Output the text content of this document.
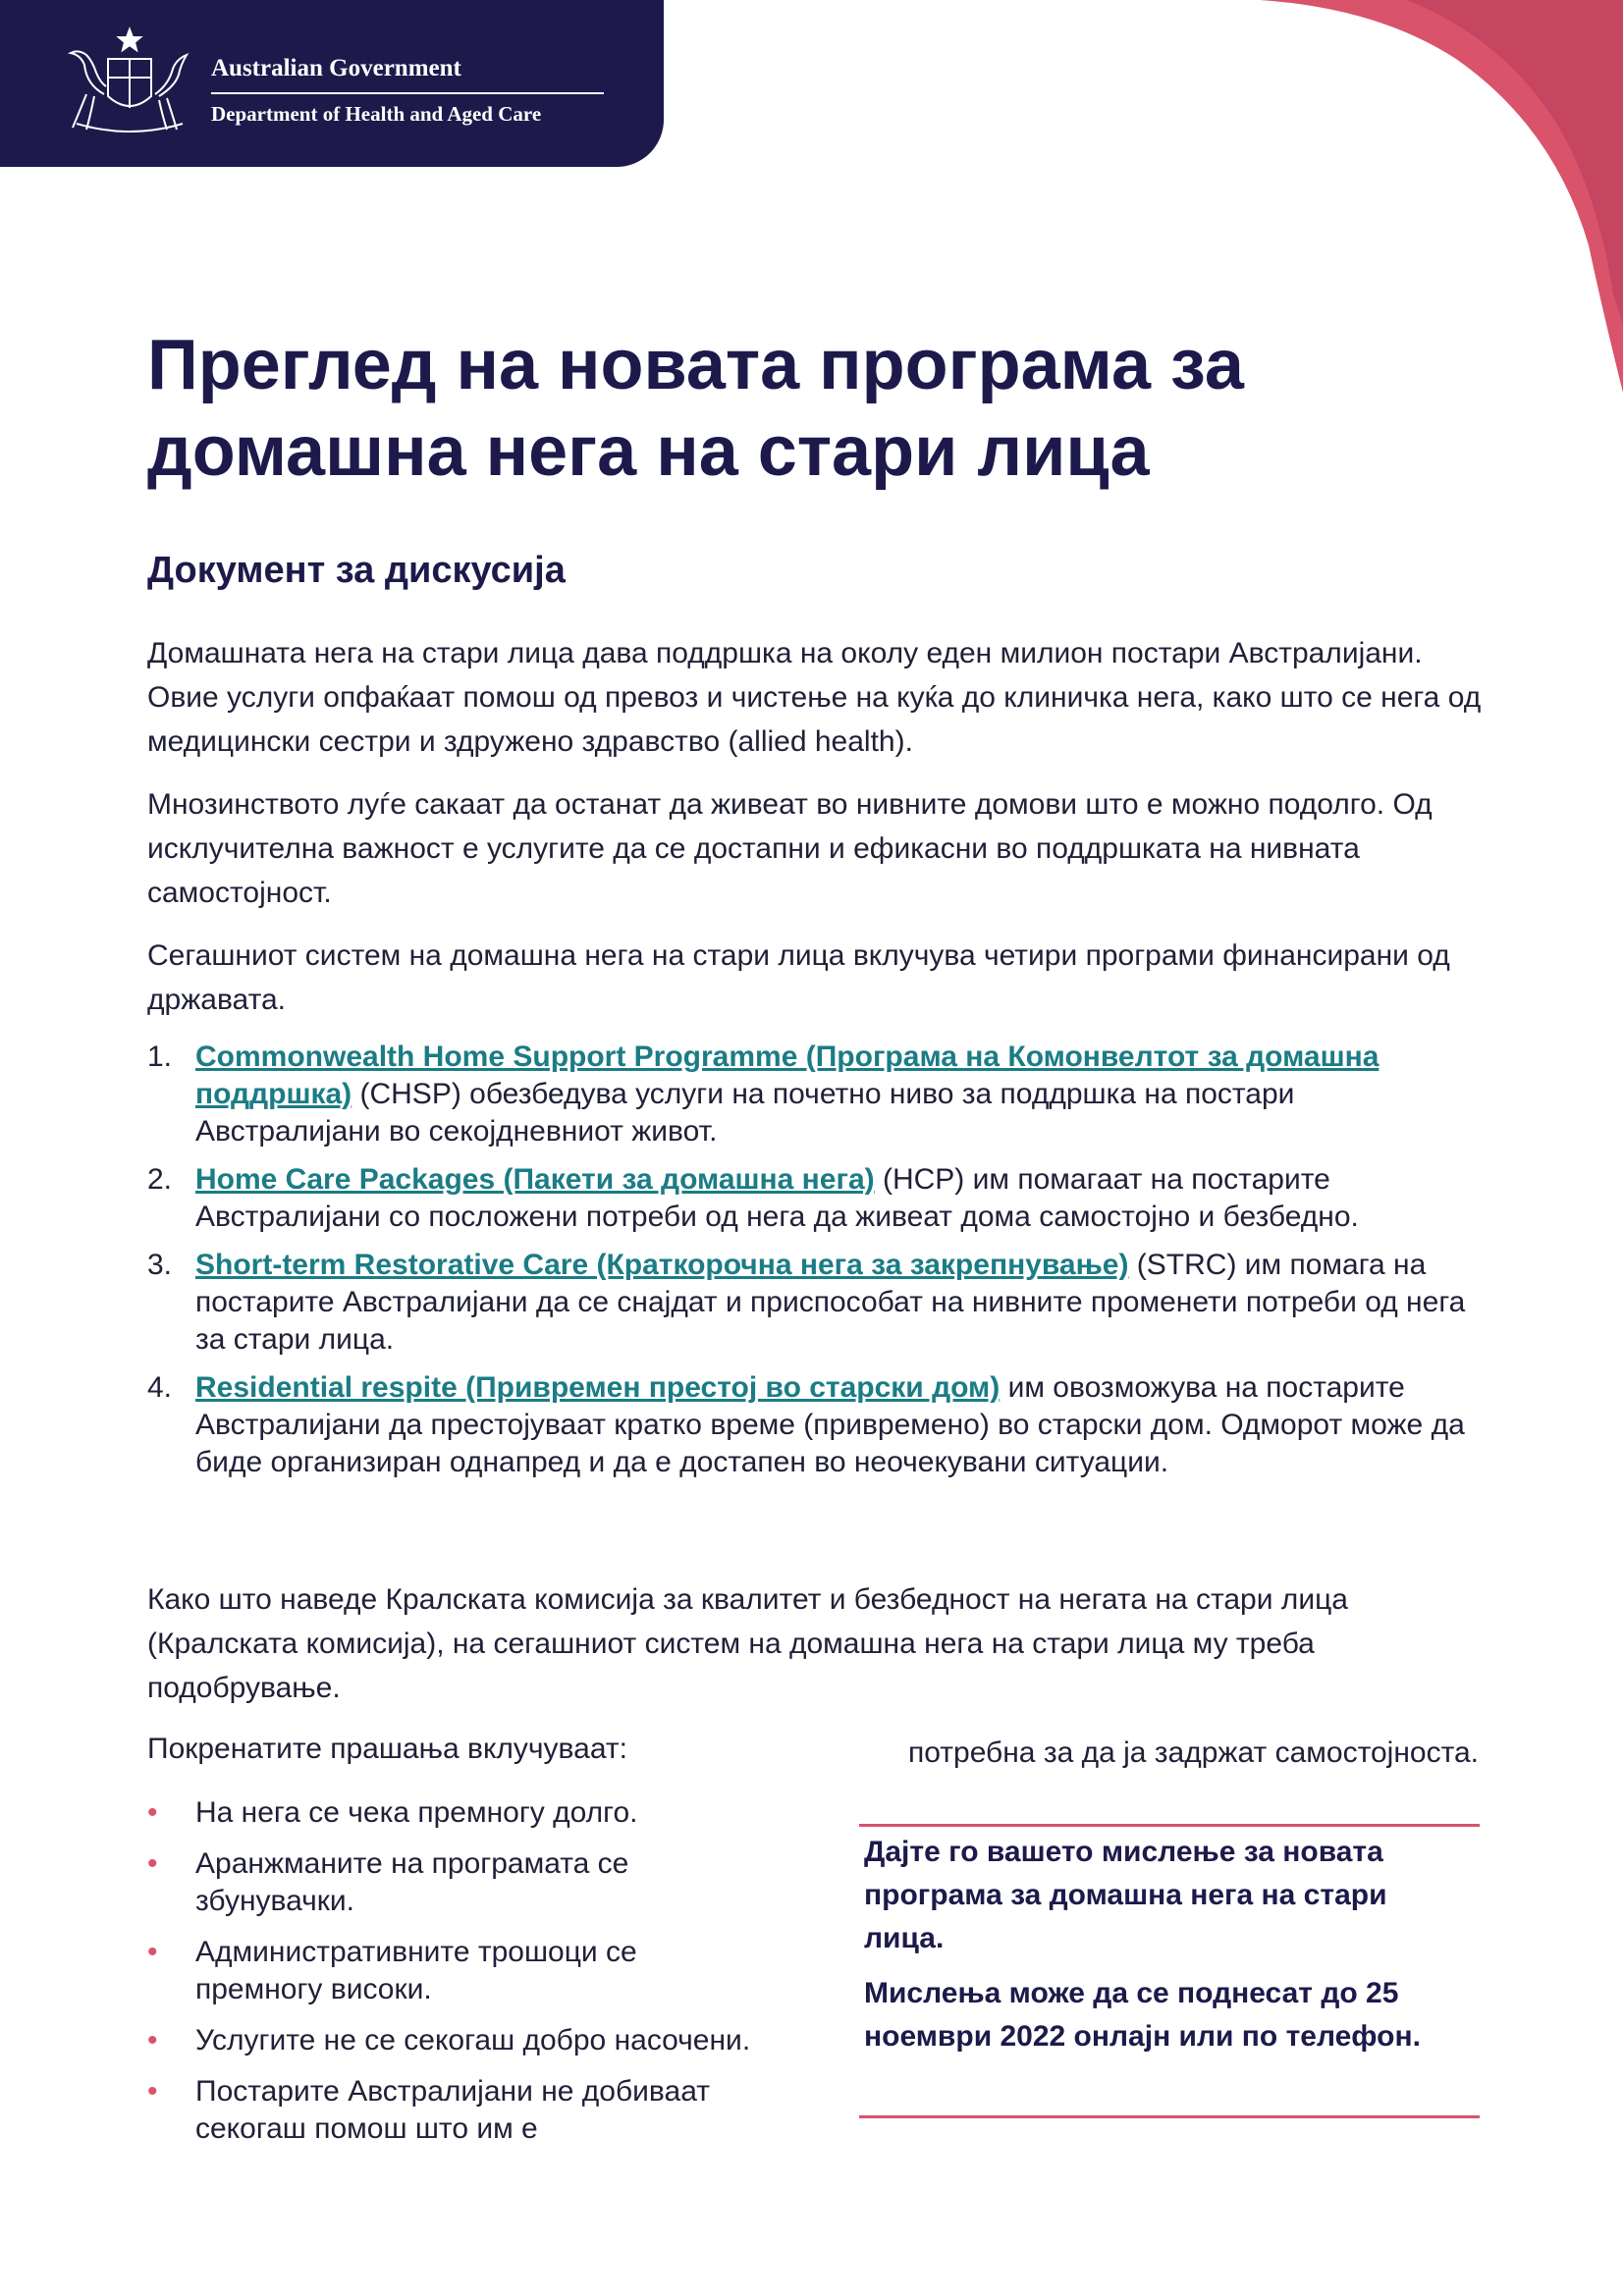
Australian Government
Department of Health and Aged Care
Преглед на новата програма за
домашна нега на стари лица
Документ за дискусија

Домашната нега на стари лица дава поддршка на околу еден милион постари Австралијани. Овие услуги опфаќаат помош од превоз и чистење на куќа до клиничка нега, како што се нега од медицински сестри и здружено здравство (allied health).

Мнозинството луѓе сакаат да останат да живеат во нивните домови што е можно подолго. Од исклучителна важност е услугите да се достапни и ефикасни во поддршката на нивната самостојност.

Сегашниот систем на домашна нега на стари лица вклучува четири програми финансирани од државата.

1. Commonwealth Home Support Programme (Програма на Комонвелтот за домашна поддршка) (CHSP) обезбедува услуги на почетно ниво за поддршка на постари Австралијани во секојдневниот живот.
2. Home Care Packages (Пакети за домашна нега) (HCP) им помагаат на постарите Австралијани со посложени потреби од нега да живеат дома самостојно и безбедно.
3. Short-term Restorative Care (Краткорочна нега за закрепнување) (STRC) им помага на постарите Австралијани да се снајдат и приспособат на нивните променети потреби од нега за стари лица.
4. Residential respite (Привремен престој во старски дом) им овозможува на постарите Австралијани да престојуваат кратко време (привремено) во старски дом. Одморот може да биде организиран однапред и да е достапен во неочекувани ситуации.

Како што наведе Кралската комисија за квалитет и безбедност на негата на стари лица (Кралската комисија), на сегашниот систем на домашна нега на стари лица му треба подобрување.

Покренатите прашања вклучуваат:

• На нега се чека премногу долго.
• Аранжманите на програмата се збунувачки.
• Административните трошоци се премногу високи.
• Услугите не се секогаш добро насочени.
• Постарите Австралијани не добиваат секогаш помош што им е

потребна за да ја задржат самостојноста.

Дајте го вашето мислење за новата програма за домашна нега на стари лица.

Мислења може да се поднесат до 25 ноември 2022 онлајн или по телефон.
